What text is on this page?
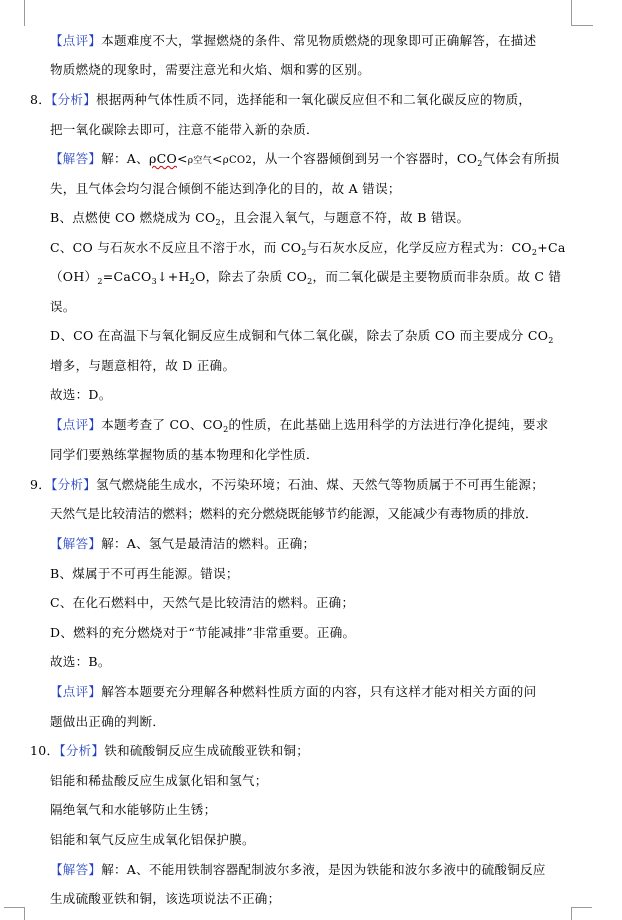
【点评】本题难度不大，掌握燃烧的条件、常见物质燃烧的现象即可正确解答，在描述
物质燃烧的现象时，需要注意光和火焰、烟和雾的区别。
8．【分析】根据两种气体性质不同，选择能和一氧化碳反应但不和二氧化碳反应的物质，
把一氧化碳除去即可，注意不能带入新的杂质．
【解答】解：A、ρCO<ρ空气<ρCO2，从一个容器倾倒到另一个容器时，$CO_2$气体会有所损
失，且气体会均匀混合倾倒不能达到净化的目的，故 A 错误；
B、点燃使 CO 燃烧成为 $CO_2$，且会混入氧气，与题意不符，故 B 错误。
C、CO 与石灰水不反应且不溶于水，而 $CO_2$与石灰水反应，化学反应方程式为：$CO_2+Ca$
$(OH)_2=CaCO_3↓+H_2O$，除去了杂质 $CO_2$，而二氧化碳是主要物质而非杂质。故 C 错
误。
D、CO 在高温下与氧化铜反应生成铜和气体二氧化碳，除去了杂质 CO 而主要成分 $CO_2$
增多，与题意相符，故 D 正确。
故选：D。
【点评】本题考查了 CO、$CO_2$的性质，在此基础上选用科学的方法进行净化提纯，要求
同学们要熟练掌握物质的基本物理和化学性质．
9．【分析】氢气燃烧能生成水，不污染环境；石油、煤、天然气等物质属于不可再生能源；
天然气是比较清洁的燃料；燃料的充分燃烧既能够节约能源，又能减少有毒物质的排放．
【解答】解：A、氢气是最清洁的燃料。正确；
B、煤属于不可再生能源。错误；
C、在化石燃料中，天然气是比较清洁的燃料。正确；
D、燃料的充分燃烧对于“节能减排”非常重要。正确。
故选：B。
【点评】解答本题要充分理解各种燃料性质方面的内容，只有这样才能对相关方面的问
题做出正确的判断．
10．【分析】铁和硫酸铜反应生成硫酸亚铁和铜；
铝能和稀盐酸反应生成氯化铝和氢气；
隔绝氧气和水能够防止生锈；
铝能和氧气反应生成氧化铝保护膜。
【解答】解：A、不能用铁制容器配制波尔多液，是因为铁能和波尔多液中的硫酸铜反应
生成硫酸亚铁和铜，该选项说法不正确；
